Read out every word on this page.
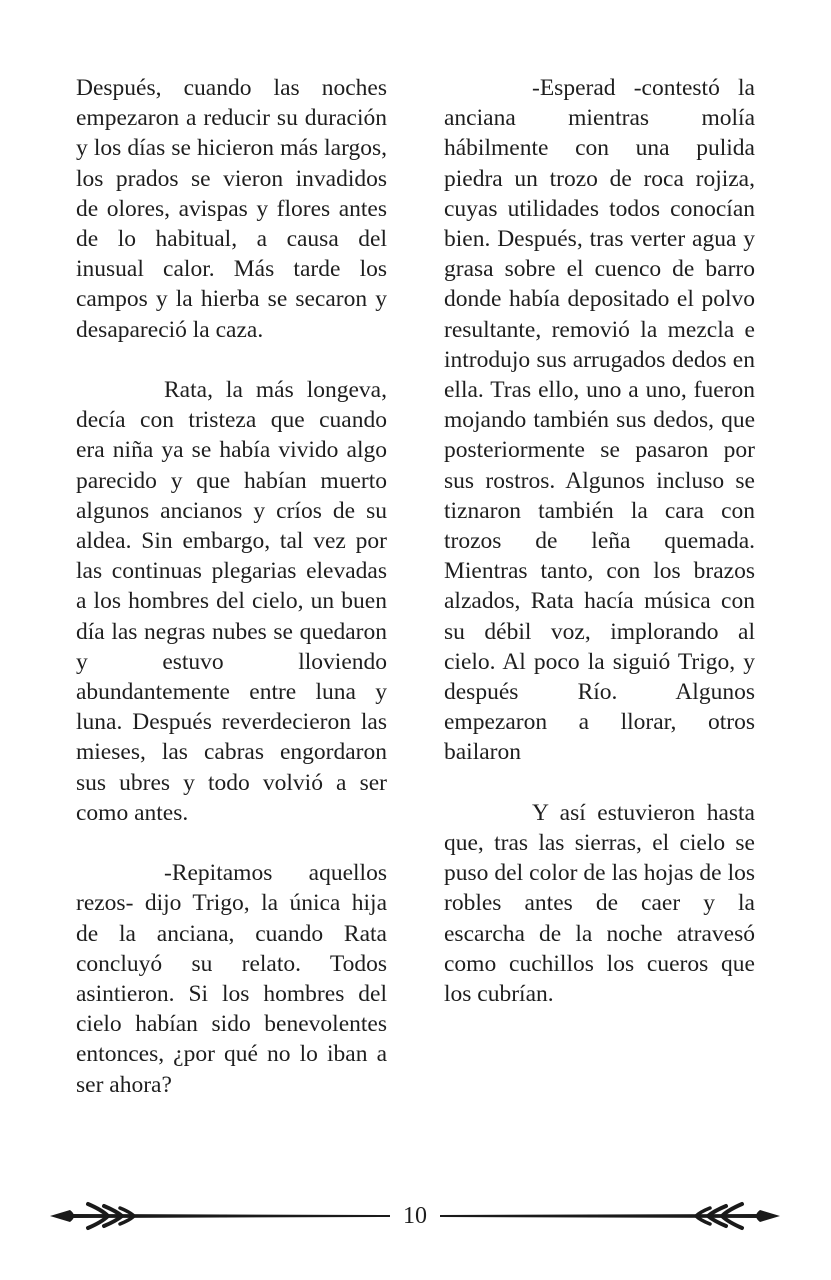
Después, cuando las noches empezaron a reducir su duración y los días se hicieron más largos, los prados se vieron invadidos de olores, avispas y flores antes de lo habitual, a causa del inusual calor. Más tarde los campos y la hierba se secaron y desapareció la caza.

Rata, la más longeva, decía con tristeza que cuando era niña ya se había vivido algo parecido y que habían muerto algunos ancianos y críos de su aldea. Sin embargo, tal vez por las continuas plegarias elevadas a los hombres del cielo, un buen día las negras nubes se quedaron y estuvo lloviendo abundantemente entre luna y luna. Después reverdecieron las mieses, las cabras engordaron sus ubres y todo volvió a ser como antes.

-Repitamos aquellos rezos- dijo Trigo, la única hija de la anciana, cuando Rata concluyó su relato. Todos asintieron. Si los hombres del cielo habían sido benevolentes entonces, ¿por qué no lo iban a ser ahora?

-Esperad -contestó la anciana mientras molía hábilmente con una pulida piedra un trozo de roca rojiza, cuyas utilidades todos conocían bien. Después, tras verter agua y grasa sobre el cuenco de barro donde había depositado el polvo resultante, removió la mezcla e introdujo sus arrugados dedos en ella. Tras ello, uno a uno, fueron mojando también sus dedos, que posteriormente se pasaron por sus rostros. Algunos incluso se tiznaron también la cara con trozos de leña quemada. Mientras tanto, con los brazos alzados, Rata hacía música con su débil voz, implorando al cielo. Al poco la siguió Trigo, y después Río. Algunos empezaron a llorar, otros bailaron

Y así estuvieron hasta que, tras las sierras, el cielo se puso del color de las hojas de los robles antes de caer y la escarcha de la noche atravesó como cuchillos los cueros que los cubrían.

10
